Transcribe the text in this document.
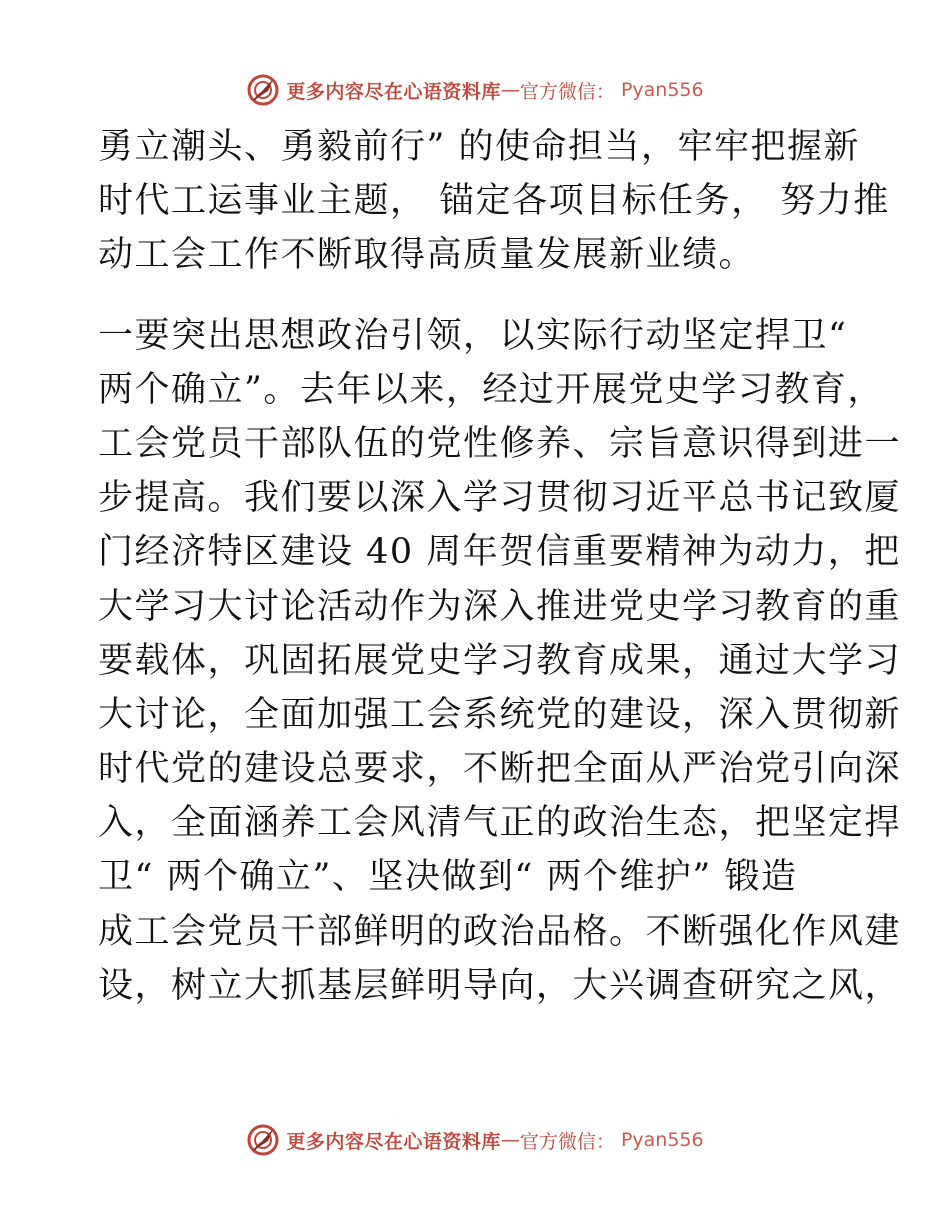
更多内容尽在心语资料库 — 官方微信： Pyan556
勇立潮头、勇毅前行” 的使命担当，牢牢把握新
时代工运事业主题， 锚定各项目标任务， 努力推
动工会工作不断取得高质量发展新业绩。
一要突出思想政治引领，以实际行动坚定捍卫“
两个确立”。去年以来，经过开展党史学习教育，
工会党员干部队伍的党性修养、宗旨意识得到进一
步提高。我们要以深入学习贯彻习近平总书记致厦
门经济特区建设 40 周年贺信重要精神为动力，把
大学习大讨论活动作为深入推进党史学习教育的重
要载体，巩固拓展党史学习教育成果，通过大学习
大讨论，全面加强工会系统党的建设，深入贯彻新
时代党的建设总要求，不断把全面从严治党引向深
入，全面涵养工会风清气正的政治生态，把坚定捍
卫“ 两个确立”、坚决做到“ 两个维护” 锻造
成工会党员干部鲜明的政治品格。不断强化作风建
设，树立大抓基层鲜明导向，大兴调查研究之风，
更多内容尽在心语资料库 — 官方微信： Pyan556
